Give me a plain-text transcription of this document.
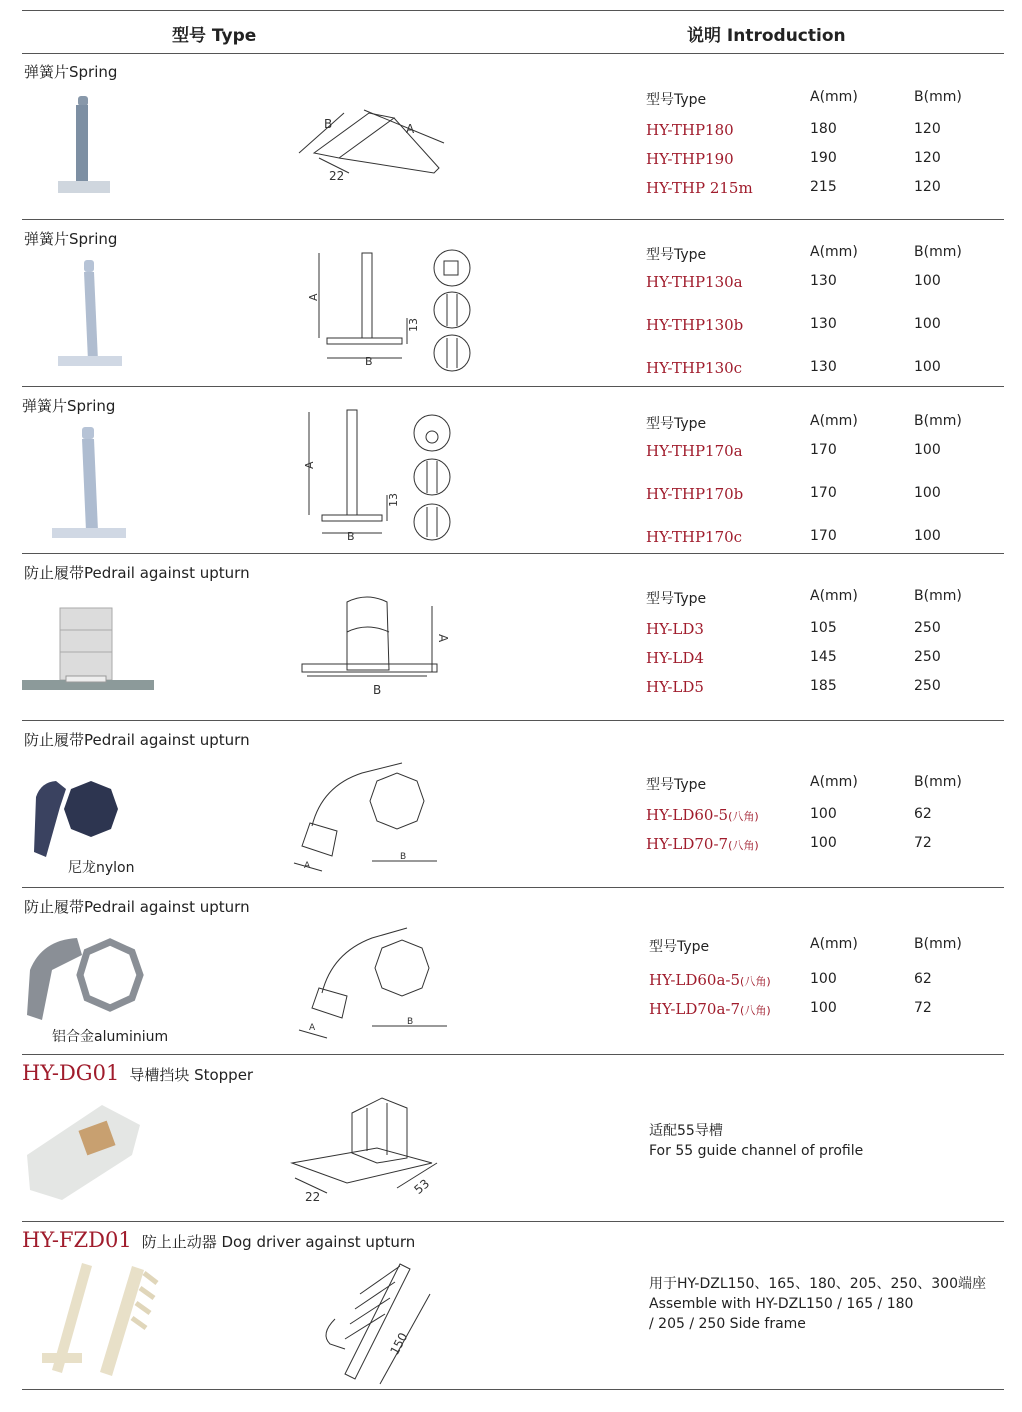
型号 Type	说明 Introduction
弹簧片Spring
B	A
22
型号Type	A(mm)	B(mm)
HY-THP180	180	120
HY-THP190	190	120
HY-THP 215m	215	120
弹簧片Spring
A
B
13
型号Type	A(mm)	B(mm)
HY-THP130a	130	100
HY-THP130b	130	100
HY-THP130c	130	100
弹簧片Spring
A
B
13
型号Type	A(mm)	B(mm)
HY-THP170a	170	100
HY-THP170b	170	100
HY-THP170c	170	100
防止履带Pedrail against upturn
B
A
型号Type	A(mm)	B(mm)
HY-LD3	105	250
HY-LD4	145	250
HY-LD5	185	250
防止履带Pedrail against upturn
尼龙nylon	A
B
型号Type	A(mm)	B(mm)
HY-LD60-5(八角)	100	62
HY-LD70-7(八角)	100	72
防止履带Pedrail against upturn
铝合金aluminium
A
B
型号Type	A(mm)	B(mm)
HY-LD60a-5(八角)	100	62
HY-LD70a-7(八角)	100	72
HY-DG01 导槽挡块 Stopper
22
53
适配55导槽
For 55 guide channel of profile
HY-FZD01 防上止动器 Dog driver against upturn
150
用于HY-DZL150、165、180、205、250、300端座
Assemble with HY-DZL150 / 165 / 180
/ 205 / 250 Side frame
